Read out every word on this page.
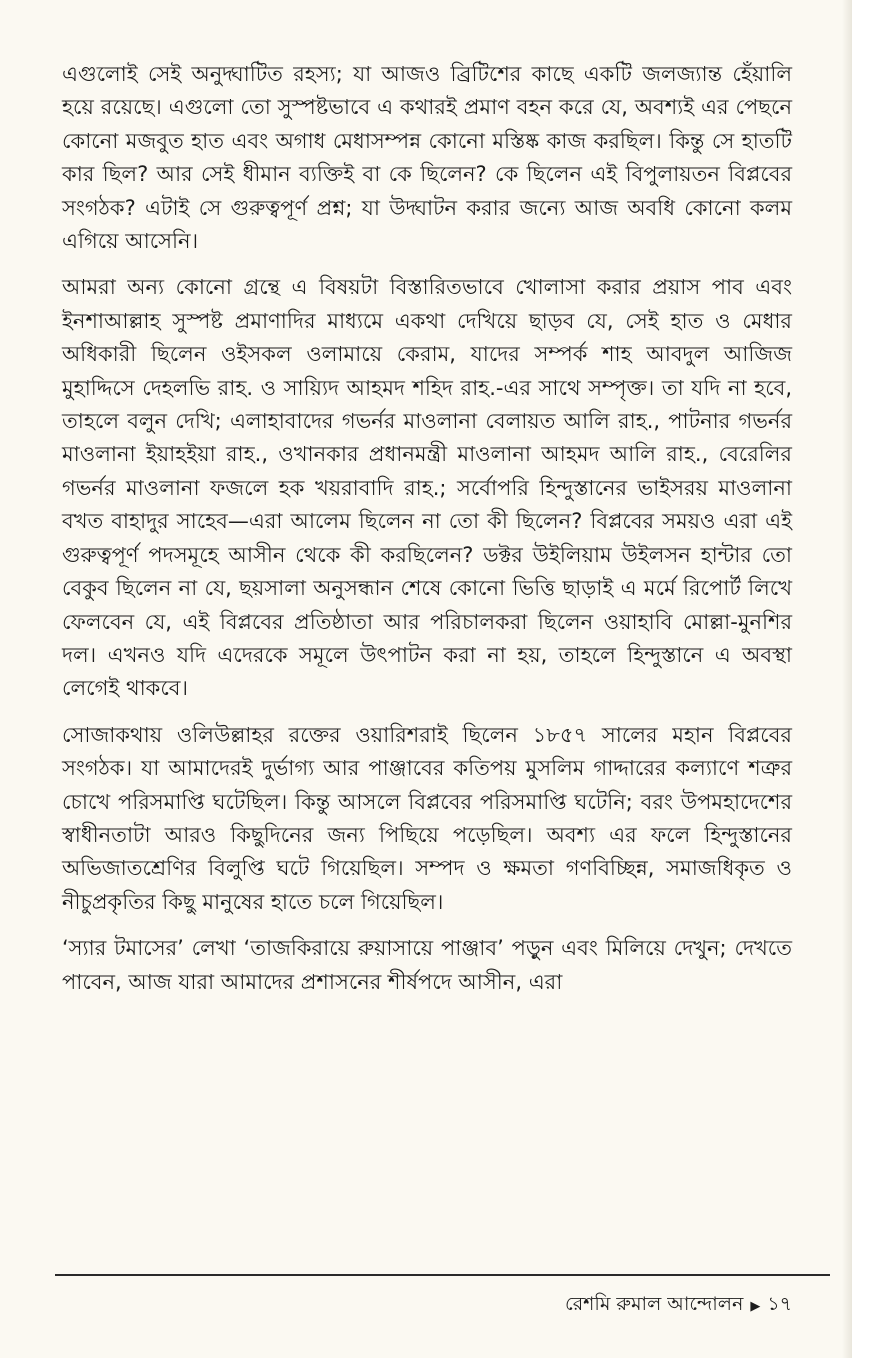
এগুলোই সেই অনুদ্ঘাটিত রহস্য; যা আজও ব্রিটিশের কাছে একটি জলজ্যান্ত হেঁয়ালি হয়ে রয়েছে। এগুলো তো সুস্পষ্টভাবে এ কথারই প্রমাণ বহন করে যে, অবশ্যই এর পেছনে কোনো মজবুত হাত এবং অগাধ মেধাসম্পন্ন কোনো মস্তিষ্ক কাজ করছিল। কিন্তু সে হাতটি কার ছিল? আর সেই ধীমান ব্যক্তিই বা কে ছিলেন? কে ছিলেন এই বিপুলায়তন বিপ্লবের সংগঠক? এটাই সে গুরুত্বপূর্ণ প্রশ্ন; যা উদ্ঘাটন করার জন্যে আজ অবধি কোনো কলম এগিয়ে আসেনি।

আমরা অন্য কোনো গ্রন্থে এ বিষয়টা বিস্তারিতভাবে খোলাসা করার প্রয়াস পাব এবং ইনশাআল্লাহ সুস্পষ্ট প্রমাণাদির মাধ্যমে একথা দেখিয়ে ছাড়ব যে, সেই হাত ও মেধার অধিকারী ছিলেন ওইসকল ওলামায়ে কেরাম, যাদের সম্পর্ক শাহ আবদুল আজিজ মুহাদ্দিসে দেহলভি রাহ. ও সায়্যিদ আহমদ শহিদ রাহ.-এর সাথে সম্পৃক্ত। তা যদি না হবে, তাহলে বলুন দেখি; এলাহাবাদের গভর্নর মাওলানা বেলায়ত আলি রাহ., পাটনার গভর্নর মাওলানা ইয়াহইয়া রাহ., ওখানকার প্রধানমন্ত্রী মাওলানা আহমদ আলি রাহ., বেরেলির গভর্নর মাওলানা ফজলে হক খয়রাবাদি রাহ.; সর্বোপরি হিন্দুস্তানের ভাইসরয় মাওলানা বখত বাহাদুর সাহেব—এরা আলেম ছিলেন না তো কী ছিলেন? বিপ্লবের সময়ও এরা এই গুরুত্বপূর্ণ পদসমূহে আসীন থেকে কী করছিলেন? ডক্টর উইলিয়াম উইলসন হান্টার তো বেকুব ছিলেন না যে, ছয়সালা অনুসন্ধান শেষে কোনো ভিত্তি ছাড়াই এ মর্মে রিপোর্ট লিখে ফেলবেন যে, এই বিপ্লবের প্রতিষ্ঠাতা আর পরিচালকরা ছিলেন ওয়াহাবি মোল্লা-মুনশির দল। এখনও যদি এদেরকে সমূলে উৎপাটন করা না হয়, তাহলে হিন্দুস্তানে এ অবস্থা লেগেই থাকবে।

সোজাকথায় ওলিউল্লাহর রক্তের ওয়ারিশরাই ছিলেন ১৮৫৭ সালের মহান বিপ্লবের সংগঠক। যা আমাদেরই দুর্ভাগ্য আর পাঞ্জাবের কতিপয় মুসলিম গাদ্দারের কল্যাণে শত্রুর চোখে পরিসমাপ্তি ঘটেছিল। কিন্তু আসলে বিপ্লবের পরিসমাপ্তি ঘটেনি; বরং উপমহাদেশের স্বাধীনতাটা আরও কিছুদিনের জন্য পিছিয়ে পড়েছিল। অবশ্য এর ফলে হিন্দুস্তানের অভিজাতশ্রেণির বিলুপ্তি ঘটে গিয়েছিল। সম্পদ ও ক্ষমতা গণবিচ্ছিন্ন, সমাজধিকৃত ও নীচুপ্রকৃতির কিছু মানুষের হাতে চলে গিয়েছিল।

‘স্যার টমাসের’ লেখা ‘তাজকিরায়ে রুয়াসায়ে পাঞ্জাব’ পড়ুন এবং মিলিয়ে দেখুন; দেখতে পাবেন, আজ যারা আমাদের প্রশাসনের শীর্ষপদে আসীন, এরা

রেশমি রুমাল আন্দোলন ▶ ১৭
